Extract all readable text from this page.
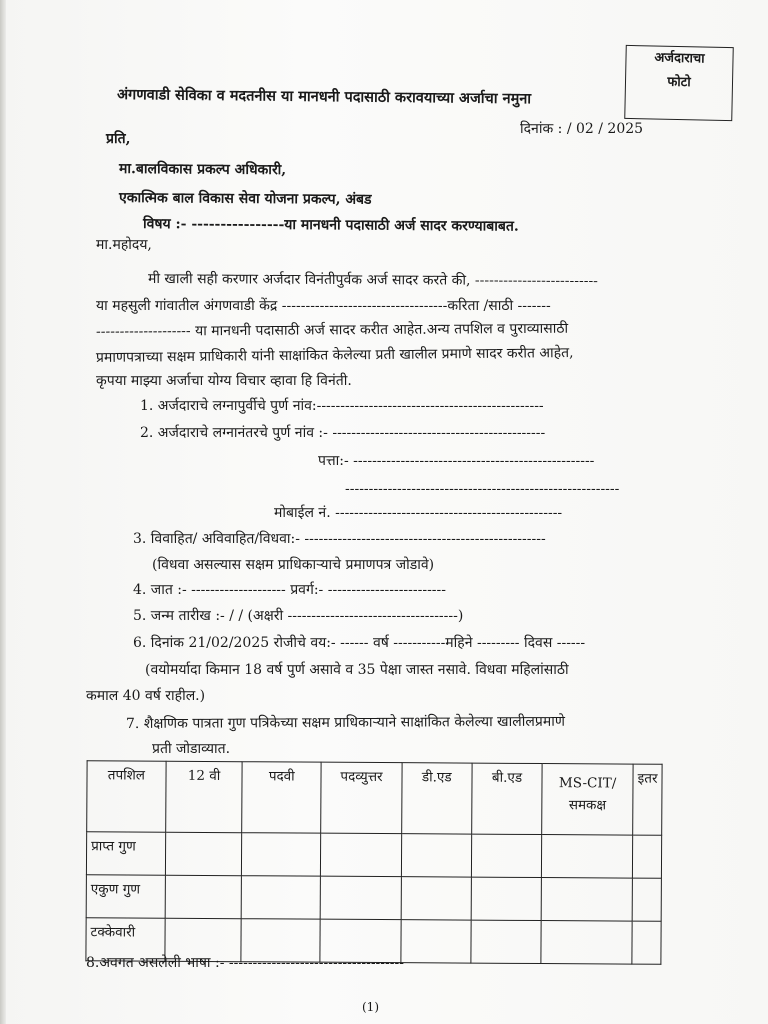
अर्जदाराचा
फोटो
अंगणवाडी सेविका व मदतनीस या मानधनी पदासाठी करावयाच्या अर्जाचा नमुना
दिनांक : / 02 / 2025
प्रति,
मा.बालविकास प्रकल्प अधिकारी,
एकात्मिक बाल विकास सेवा योजना प्रकल्प, अंबड
विषय :- ----------------या मानधनी पदासाठी अर्ज सादर करण्याबाबत.
मा.महोदय,
मी खाली सही करणार अर्जदार विनंतीपुर्वक अर्ज सादर करते की, --------------------------
या महसुली गांवातील अंगणवाडी केंद्र -----------------------------------करिता /साठी -------
-------------------- या मानधनी पदासाठी अर्ज सादर करीत आहेत.अन्य तपशिल व पुराव्यासाठी
प्रमाणपत्राच्या सक्षम प्राधिकारी यांनी साक्षांकित केलेल्या प्रती खालील प्रमाणे सादर करीत आहेत,
कृपया माझ्या अर्जाचा योग्य विचार व्हावा हि विनंती.
1. अर्जदाराचे लग्नापुर्वीचे पुर्ण नांव:------------------------------------------------
2. अर्जदाराचे लग्नानंतरचे पुर्ण नांव :- ---------------------------------------------
पत्ता:- ---------------------------------------------------
----------------------------------------------------------
मोबाईल नं. ------------------------------------------------
3. विवाहित/ अविवाहित/विधवा:- ---------------------------------------------------
(विधवा असल्यास सक्षम प्राधिकाऱ्याचे प्रमाणपत्र जोडावे)
4. जात :- -------------------- प्रवर्ग:- -------------------------
5. जन्म तारीख :- / / (अक्षरी ------------------------------------)
6. दिनांक 21/02/2025 रोजीचे वय:- ------ वर्ष -----------महिने --------- दिवस ------
(वयोमर्यादा किमान 18 वर्ष पुर्ण असावे व 35 पेक्षा जास्त नसावे. विधवा महिलांसाठी
कमाल 40 वर्ष राहील.)
7. शैक्षणिक पात्रता गुण पत्रिकेच्या सक्षम प्राधिकाऱ्याने साक्षांकित केलेल्या खालीलप्रमाणे
प्रती जोडाव्यात.
तपशिल	12 वी	पदवी	पदव्युत्तर	डी.एड	बी.एड	MS-CIT/समकक्ष	इतर
प्राप्त गुण							
एकुण गुण							
टक्केवारी							
8.अवगत असलेली भाषा :- -------------------------------------
(1)
